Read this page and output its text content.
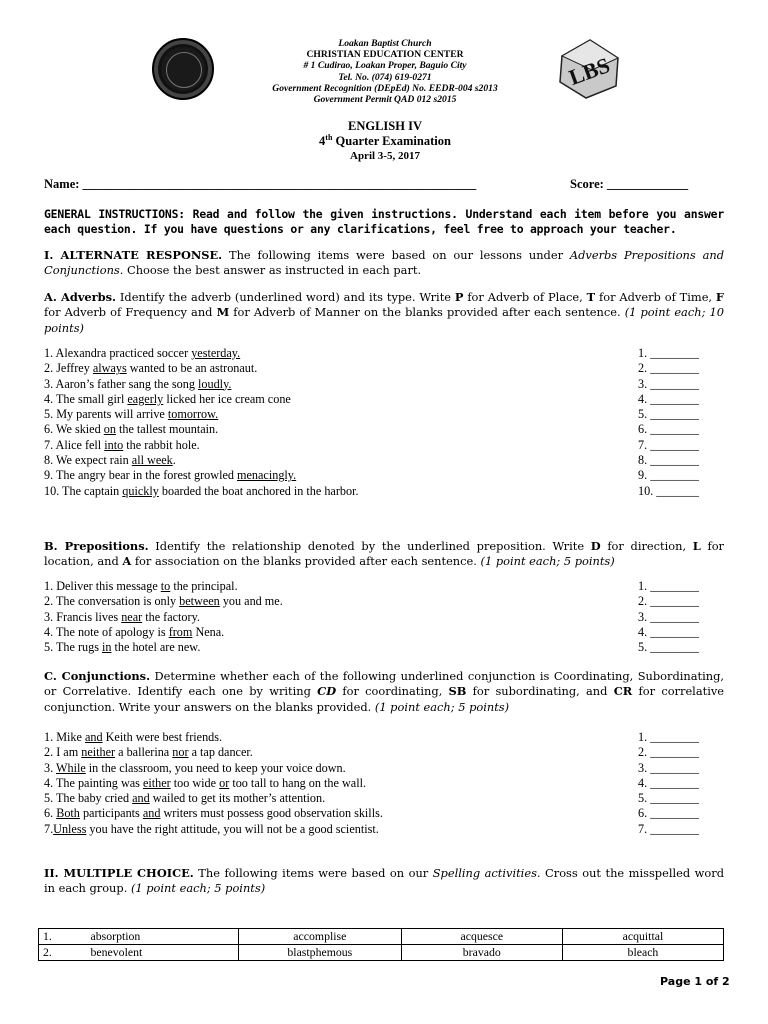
LBS
Loakan Baptist Church
CHRISTIAN EDUCATION CENTER
# 1 Cudirao, Loakan Proper, Baguio City
Tel. No. (074) 619-0271
Government Recognition (DEpEd) No. EEDR-004 s2013
Government Permit QAD 012 s2015
ENGLISH IV
4th Quarter Examination
April 3-5, 2017
Name: _______________________________________________________________	Score: _____________
GENERAL INSTRUCTIONS: Read and follow the given instructions. Understand each item before you answer each question. If you have questions or any clarifications, feel free to approach your teacher.
I. ALTERNATE RESPONSE. The following items were based on our lessons under Adverbs Prepositions and Conjunctions. Choose the best answer as instructed in each part.
A. Adverbs. Identify the adverb (underlined word) and its type. Write P for Adverb of Place, T for Adverb of Time, F for Adverb of Frequency and M for Adverb of Manner on the blanks provided after each sentence. (1 point each; 10 points)
1. Alexandra practiced soccer yesterday.	1. ________
2. Jeffrey always wanted to be an astronaut.	2. ________
3. Aaron’s father sang the song loudly.	3. ________
4. The small girl eagerly licked her ice cream cone	4. ________
5. My parents will arrive tomorrow.	5. ________
6. We skied on the tallest mountain.	6. ________
7. Alice fell into the rabbit hole.	7. ________
8. We expect rain all week.	8. ________
9. The angry bear in the forest growled menacingly.	9. ________
10. The captain quickly boarded the boat anchored in the harbor.	10. _______
B. Prepositions. Identify the relationship denoted by the underlined preposition. Write D for direction, L for location, and A for association on the blanks provided after each sentence. (1 point each; 5 points)
1. Deliver this message to the principal.	1. ________
2. The conversation is only between you and me.	2. ________
3. Francis lives near the factory.	3. ________
4. The note of apology is from Nena.	4. ________
5. The rugs in the hotel are new.	5. ________
C. Conjunctions. Determine whether each of the following underlined conjunction is Coordinating, Subordinating, or Correlative. Identify each one by writing CD for coordinating, SB for subordinating, and CR for correlative conjunction. Write your answers on the blanks provided. (1 point each; 5 points)
1. Mike and Keith were best friends.	1. ________
2. I am neither a ballerina nor a tap dancer.	2. ________
3. While in the classroom, you need to keep your voice down.	3. ________
4. The painting was either too wide or too tall to hang on the wall.	4. ________
5. The baby cried and wailed to get its mother’s attention.	5. ________
6. Both participants and writers must possess good observation skills.	6. ________
7.Unless you have the right attitude, you will not be a good scientist.	7. ________
II. MULTIPLE CHOICE. The following items were based on our Spelling activities. Cross out the misspelled word in each group. (1 point each; 5 points)
1.	absorption	accomplise	acquesce	acquittal
2.	benevolent	blastphemous	bravado	bleach
Page 1 of 2
